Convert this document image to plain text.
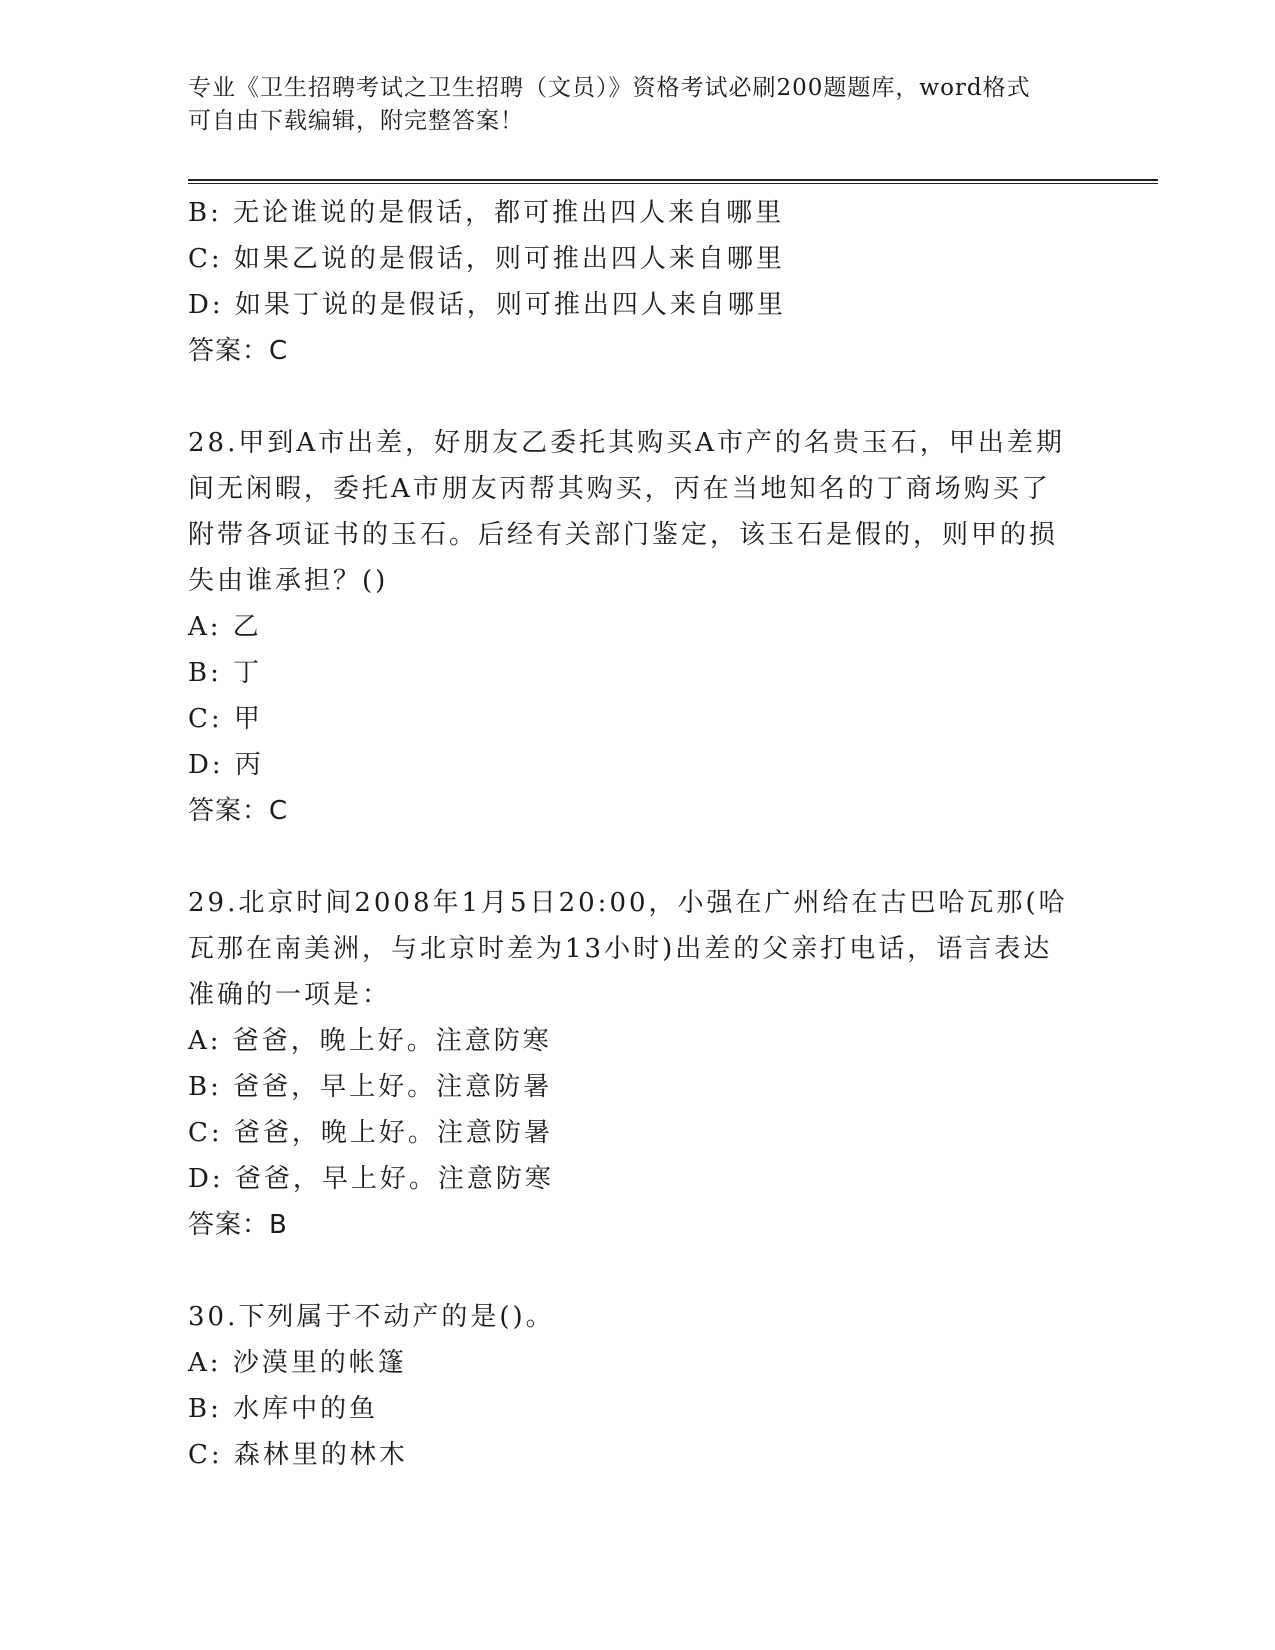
专业《卫生招聘考试之卫生招聘（文员）》资格考试必刷200题题库，word格式
可自由下载编辑，附完整答案！
B: 无论谁说的是假话，都可推出四人来自哪里
C: 如果乙说的是假话，则可推出四人来自哪里
D: 如果丁说的是假话，则可推出四人来自哪里
答案：C
28.甲到A市出差，好朋友乙委托其购买A市产的名贵玉石，甲出差期
间无闲暇，委托A市朋友丙帮其购买，丙在当地知名的丁商场购买了
附带各项证书的玉石。后经有关部门鉴定，该玉石是假的，则甲的损
失由谁承担？()
A: 乙
B: 丁
C: 甲
D: 丙
答案：C
29.北京时间2008年1月5日20:00，小强在广州给在古巴哈瓦那(哈
瓦那在南美洲，与北京时差为13小时)出差的父亲打电话，语言表达
准确的一项是：
A: 爸爸，晚上好。注意防寒
B: 爸爸，早上好。注意防暑
C: 爸爸，晚上好。注意防暑
D: 爸爸，早上好。注意防寒
答案：B
30.下列属于不动产的是()。
A: 沙漠里的帐篷
B: 水库中的鱼
C: 森林里的林木
